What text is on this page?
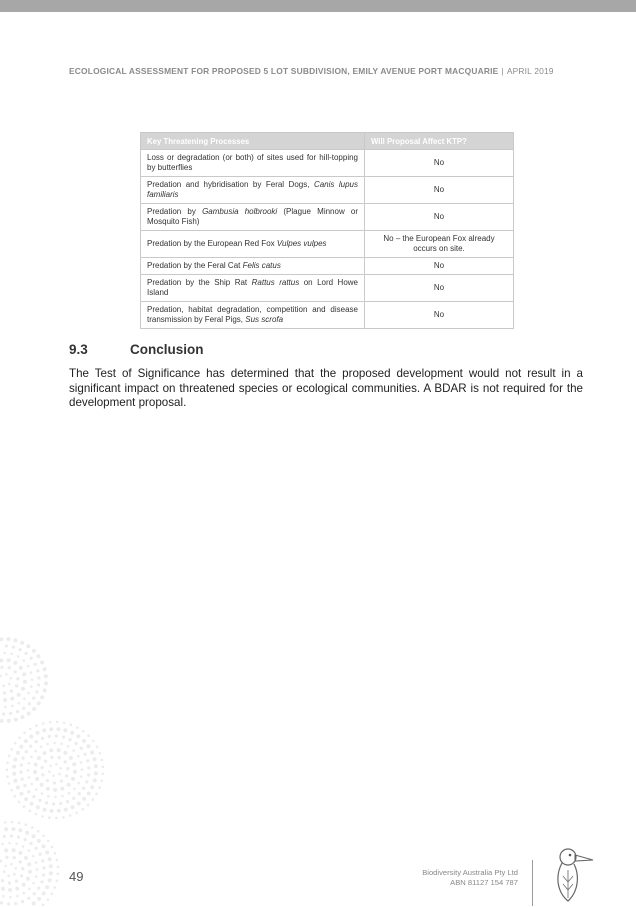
ECOLOGICAL ASSESSMENT FOR PROPOSED 5 LOT SUBDIVISION, EMILY AVENUE PORT MACQUARIE | APRIL 2019
Key Threatening Processes	Will Proposal Affect KTP?
Loss or degradation (or both) of sites used for hill-topping by butterflies	No
Predation and hybridisation by Feral Dogs, Canis lupus familiaris	No
Predation by Gambusia holbrooki (Plague Minnow or Mosquito Fish)	No
Predation by the European Red Fox Vulpes vulpes	No – the European Fox already occurs on site.
Predation by the Feral Cat Felis catus	No
Predation by the Ship Rat Rattus rattus on Lord Howe Island	No
Predation, habitat degradation, competition and disease transmission by Feral Pigs, Sus scrofa	No
9.3	Conclusion

The Test of Significance has determined that the proposed development would not result in a significant impact on threatened species or ecological communities. A BDAR is not required for the development proposal.

49	Biodiversity Australia Pty Ltd
ABN 81127 154 787
